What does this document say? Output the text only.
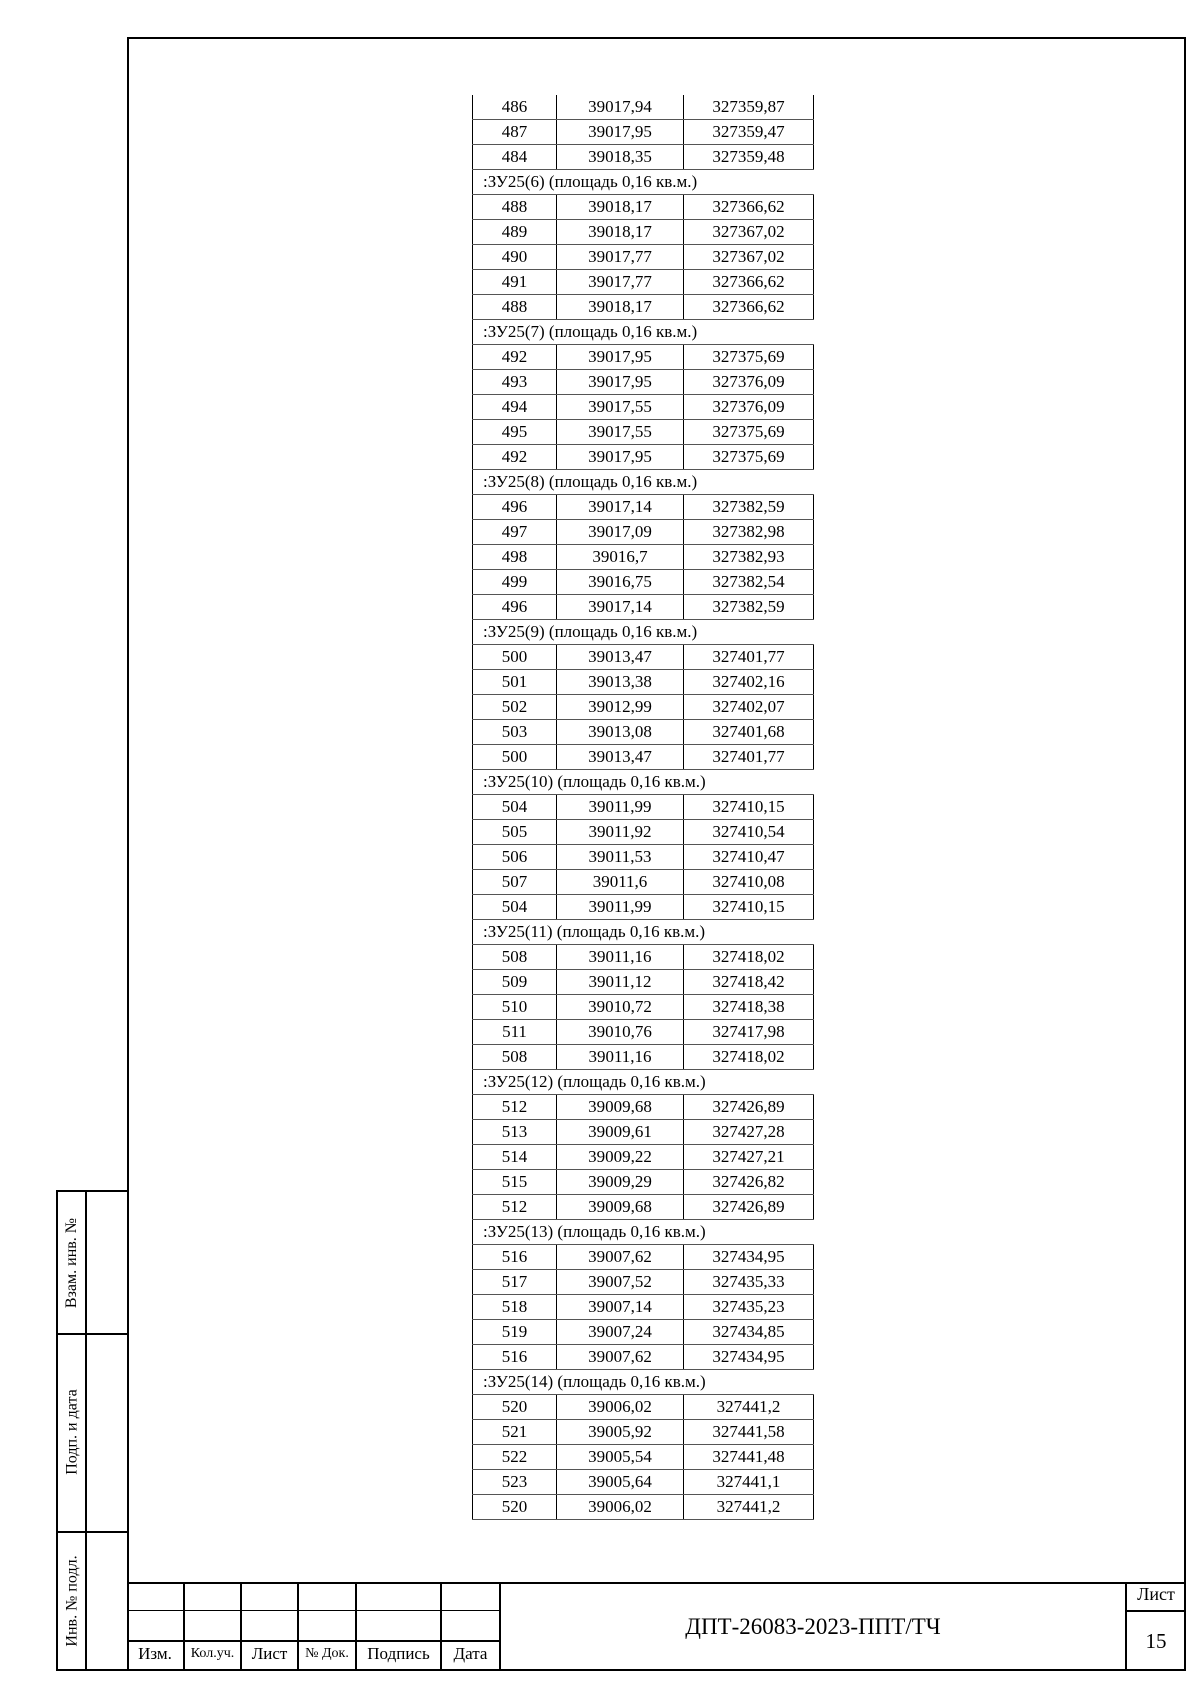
Взам. инв. №
Подп. и дата
Инв. № подл.
486	39017,94	327359,87
487	39017,95	327359,47
484	39018,35	327359,48
:ЗУ25(6) (площадь 0,16 кв.м.)		
488	39018,17	327366,62
489	39018,17	327367,02
490	39017,77	327367,02
491	39017,77	327366,62
488	39018,17	327366,62
:ЗУ25(7) (площадь 0,16 кв.м.)		
492	39017,95	327375,69
493	39017,95	327376,09
494	39017,55	327376,09
495	39017,55	327375,69
492	39017,95	327375,69
:ЗУ25(8) (площадь 0,16 кв.м.)		
496	39017,14	327382,59
497	39017,09	327382,98
498	39016,7	327382,93
499	39016,75	327382,54
496	39017,14	327382,59
:ЗУ25(9) (площадь 0,16 кв.м.)		
500	39013,47	327401,77
501	39013,38	327402,16
502	39012,99	327402,07
503	39013,08	327401,68
500	39013,47	327401,77
:ЗУ25(10) (площадь 0,16 кв.м.)		
504	39011,99	327410,15
505	39011,92	327410,54
506	39011,53	327410,47
507	39011,6	327410,08
504	39011,99	327410,15
:ЗУ25(11) (площадь 0,16 кв.м.)		
508	39011,16	327418,02
509	39011,12	327418,42
510	39010,72	327418,38
511	39010,76	327417,98
508	39011,16	327418,02
:ЗУ25(12) (площадь 0,16 кв.м.)		
512	39009,68	327426,89
513	39009,61	327427,28
514	39009,22	327427,21
515	39009,29	327426,82
512	39009,68	327426,89
:ЗУ25(13) (площадь 0,16 кв.м.)		
516	39007,62	327434,95
517	39007,52	327435,33
518	39007,14	327435,23
519	39007,24	327434,85
516	39007,62	327434,95
:ЗУ25(14) (площадь 0,16 кв.м.)		
520	39006,02	327441,2
521	39005,92	327441,58
522	39005,54	327441,48
523	39005,64	327441,1
520	39006,02	327441,2
Изм.	Кол.уч.	Лист	№ Док.	Подпись	Дата
ДПТ-26083-2023-ППТ/ТЧ
Лист
15
